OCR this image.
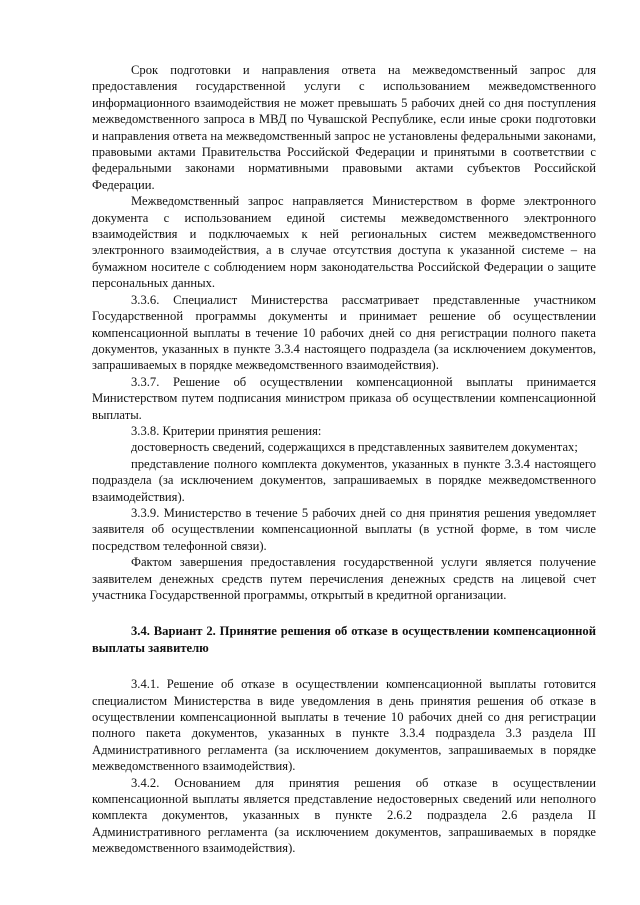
Срок подготовки и направления ответа на межведомственный запрос для предоставления государственной услуги с использованием межведомственного информационного взаимодействия не может превышать 5 рабочих дней со дня поступления межведомственного запроса в МВД по Чувашской Республике, если иные сроки подготовки и направления ответа на межведомственный запрос не установлены федеральными законами, правовыми актами Правительства Российской Федерации и принятыми в соответствии с федеральными законами нормативными правовыми актами субъектов Российской Федерации.

Межведомственный запрос направляется Министерством в форме электронного документа с использованием единой системы межведомственного электронного взаимодействия и подключаемых к ней региональных систем межведомственного электронного взаимодействия, а в случае отсутствия доступа к указанной системе – на бумажном носителе с соблюдением норм законодательства Российской Федерации о защите персональных данных.

3.3.6. Специалист Министерства рассматривает представленные участником Государственной программы документы и принимает решение об осуществлении компенсационной выплаты в течение 10 рабочих дней со дня регистрации полного пакета документов, указанных в пункте 3.3.4 настоящего подраздела (за исключением документов, запрашиваемых в порядке межведомственного взаимодействия).

3.3.7. Решение об осуществлении компенсационной выплаты принимается Министерством путем подписания министром приказа об осуществлении компенсационной выплаты.

3.3.8. Критерии принятия решения:

достоверность сведений, содержащихся в представленных заявителем документах;

представление полного комплекта документов, указанных в пункте 3.3.4 настоящего подраздела (за исключением документов, запрашиваемых в порядке межведомственного взаимодействия).

3.3.9. Министерство в течение 5 рабочих дней со дня принятия решения уведомляет заявителя об осуществлении компенсационной выплаты (в устной форме, в том числе посредством телефонной связи).

Фактом завершения предоставления государственной услуги является получение заявителем денежных средств путем перечисления денежных средств на лицевой счет участника Государственной программы, открытый в кредитной организации.

3.4. Вариант 2. Принятие решения об отказе в осуществлении компенсационной выплаты заявителю

3.4.1. Решение об отказе в осуществлении компенсационной выплаты готовится специалистом Министерства в виде уведомления в день принятия решения об отказе в осуществлении компенсационной выплаты в течение 10 рабочих дней со дня регистрации полного пакета документов, указанных в пункте 3.3.4 подраздела 3.3 раздела III Административного регламента (за исключением документов, запрашиваемых в порядке межведомственного взаимодействия).

3.4.2. Основанием для принятия решения об отказе в осуществлении компенсационной выплаты является представление недостоверных сведений или неполного комплекта документов, указанных в пункте 2.6.2 подраздела 2.6 раздела II Административного регламента (за исключением документов, запрашиваемых в порядке межведомственного взаимодействия).
